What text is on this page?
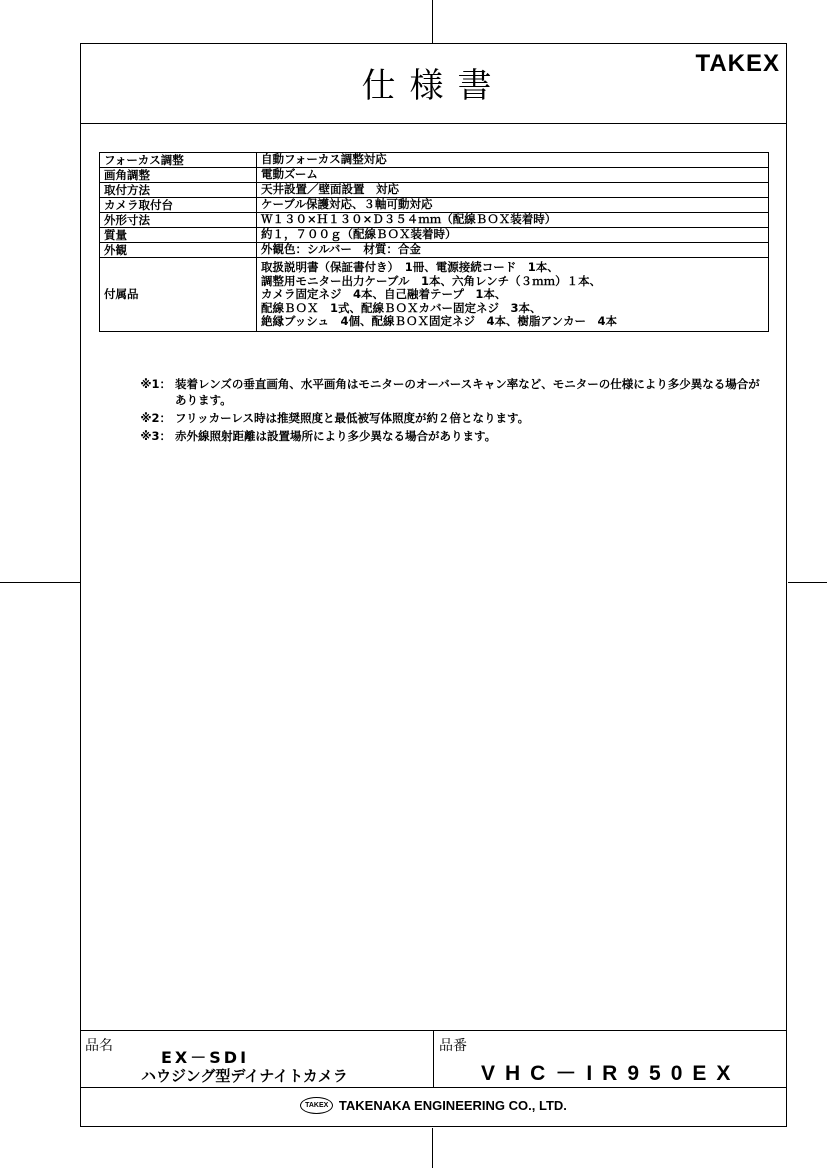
仕様書
TAKEX
フォーカス調整	自動フォーカス調整対応
画角調整	電動ズーム
取付方法	天井設置／壁面設置　対応
カメラ取付台	ケーブル保護対応、３軸可動対応
外形寸法	Ｗ１３０×Ｈ１３０×Ｄ３５４ｍｍ（配線ＢＯＸ装着時）
質量	約１，７００ｇ（配線ＢＯＸ装着時）
外観	外観色：シルバー　材質：合金
付属品	取扱説明書（保証書付き）　1冊、電源接続コード　1本、
調整用モニター出力ケーブル　1本、六角レンチ（３ｍｍ）１本、
カメラ固定ネジ　4本、自己融着テープ　1本、
配線ＢＯＸ　1式、配線ＢＯＸカバー固定ネジ　3本、
絶縁ブッシュ　4個、配線ＢＯＸ固定ネジ　4本、樹脂アンカー　4本
※1： 装着レンズの垂直画角、水平画角はモニターのオーバースキャン率など、モニターの仕様により多少異なる場合があります。
※2： フリッカーレス時は推奨照度と最低被写体照度が約２倍となります。
※3： 赤外線照射距離は設置場所により多少異なる場合があります。
品名
EX－SDI
ハウジング型デイナイトカメラ
品番
VHC－IR950EX
TAKEX TAKENAKA ENGINEERING CO., LTD.
